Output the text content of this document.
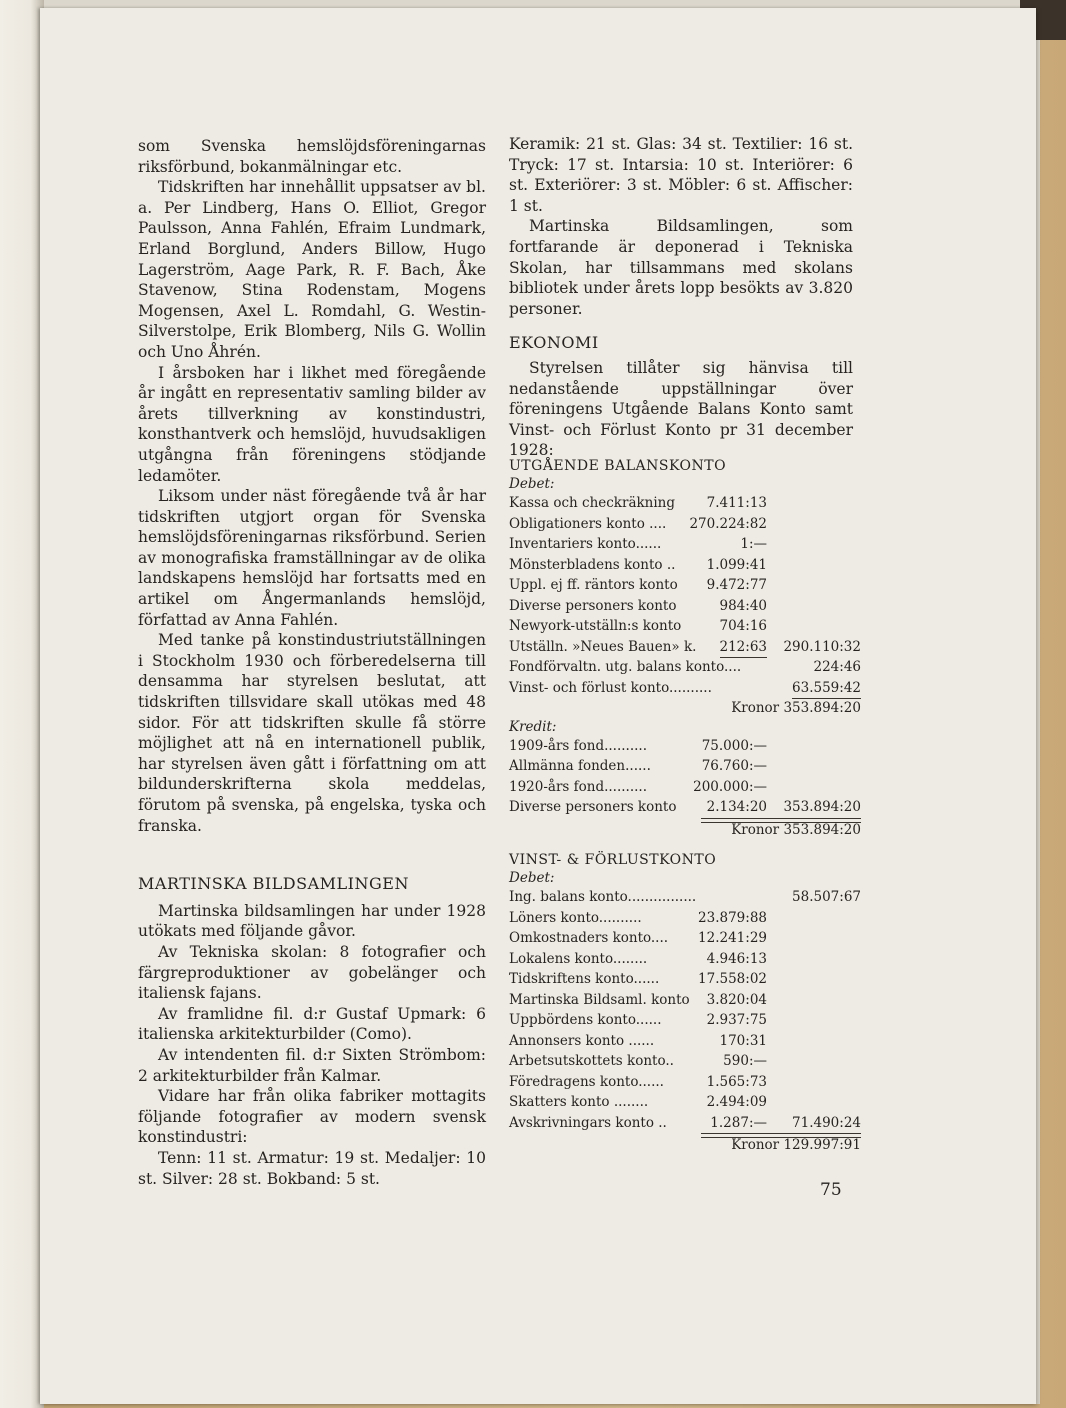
som Svenska hemslöjdsföreningarnas riksförbund, bokanmälningar etc.

Tidskriften har innehållit uppsatser av bl. a. Per Lindberg, Hans O. Elliot, Gregor Paulsson, Anna Fahlén, Efraim Lundmark, Erland Borglund, Anders Billow, Hugo Lagerström, Aage Park, R. F. Bach, Åke Stavenow, Stina Rodenstam, Mogens Mogensen, Axel L. Romdahl, G. Westin-Silverstolpe, Erik Blomberg, Nils G. Wollin och Uno Åhrén.

I årsboken har i likhet med föregående år ingått en representativ samling bilder av årets tillverkning av konstindustri, konsthantverk och hemslöjd, huvudsakligen utgångna från föreningens stödjande ledamöter.

Liksom under näst föregående två år har tidskriften utgjort organ för Svenska hemslöjdsföreningarnas riksförbund. Serien av monografiska framställningar av de olika landskapens hemslöjd har fortsatts med en artikel om Ångermanlands hemslöjd, författad av Anna Fahlén.

Med tanke på konstindustriutställningen i Stockholm 1930 och förberedelserna till densamma har styrelsen beslutat, att tidskriften tillsvidare skall utökas med 48 sidor. För att tidskriften skulle få större möjlighet att nå en internationell publik, har styrelsen även gått i författning om att bildunderskrifterna skola meddelas, förutom på svenska, på engelska, tyska och franska.

MARTINSKA BILDSAMLINGEN

Martinska bildsamlingen har under 1928 utökats med följande gåvor.

Av Tekniska skolan: 8 fotografier och färgreproduktioner av gobelänger och italiensk fajans.

Av framlidne fil. d:r Gustaf Upmark: 6 italienska arkitekturbilder (Como).

Av intendenten fil. d:r Sixten Strömbom: 2 arkitekturbilder från Kalmar.

Vidare har från olika fabriker mottagits följande fotografier av modern svensk konstindustri:

Tenn: 11 st. Armatur: 19 st. Medaljer: 10 st. Silver: 28 st. Bokband: 5 st.

Keramik: 21 st. Glas: 34 st. Textilier: 16 st. Tryck: 17 st. Intarsia: 10 st. Interiörer: 6 st. Exteriörer: 3 st. Möbler: 6 st. Affischer: 1 st.

Martinska Bildsamlingen, som fortfarande är deponerad i Tekniska Skolan, har tillsammans med skolans bibliotek under årets lopp besökts av 3.820 personer.

EKONOMI

Styrelsen tillåter sig hänvisa till nedanstående uppställningar över föreningens Utgående Balans Konto samt Vinst- och Förlust Konto pr 31 december 1928:

UTGÅENDE BALANSKONTO
Debet:
Kassa och checkräkning 7.411:13
Obligationers konto .... 270.224:82
Inventariers konto......	1:—
Mönsterbladens konto .. 1.099:41
Uppl. ej ff. räntors konto 9.472:77
Diverse personers konto	984:40
Newyork-utställn:s konto	704:16
Utställn. »Neues Bauen» k. 212:63 290.110:32
Fondförvaltn. utg. balans konto....	224:46
Vinst- och förlust konto..........	63.559:42
Kronor 353.894:20
Kredit:
1909-års fond..........	75.000:—
Allmänna fonden......	76.760:—
1920-års fond..........	200.000:—
Diverse personers konto 2.134:20 353.894:20
Kronor 353.894:20
VINST- & FÖRLUSTKONTO
Debet:
Ing. balans konto................	58.507:67
Löners konto..........	23.879:88
Omkostnaders konto.... 12.241:29
Lokalens konto........	4.946:13
Tidskriftens konto......	17.558:02
Martinska Bildsaml. konto 3.820:04
Uppbördens konto......	2.937:75
Annonsers konto ......	170:31
Arbetsutskottets konto..	590:—
Föredragens konto......	1.565:73
Skatters konto ........	2.494:09
Avskrivningars konto ..	1.287:— 71.490:24
Kronor 129.997:91
75
